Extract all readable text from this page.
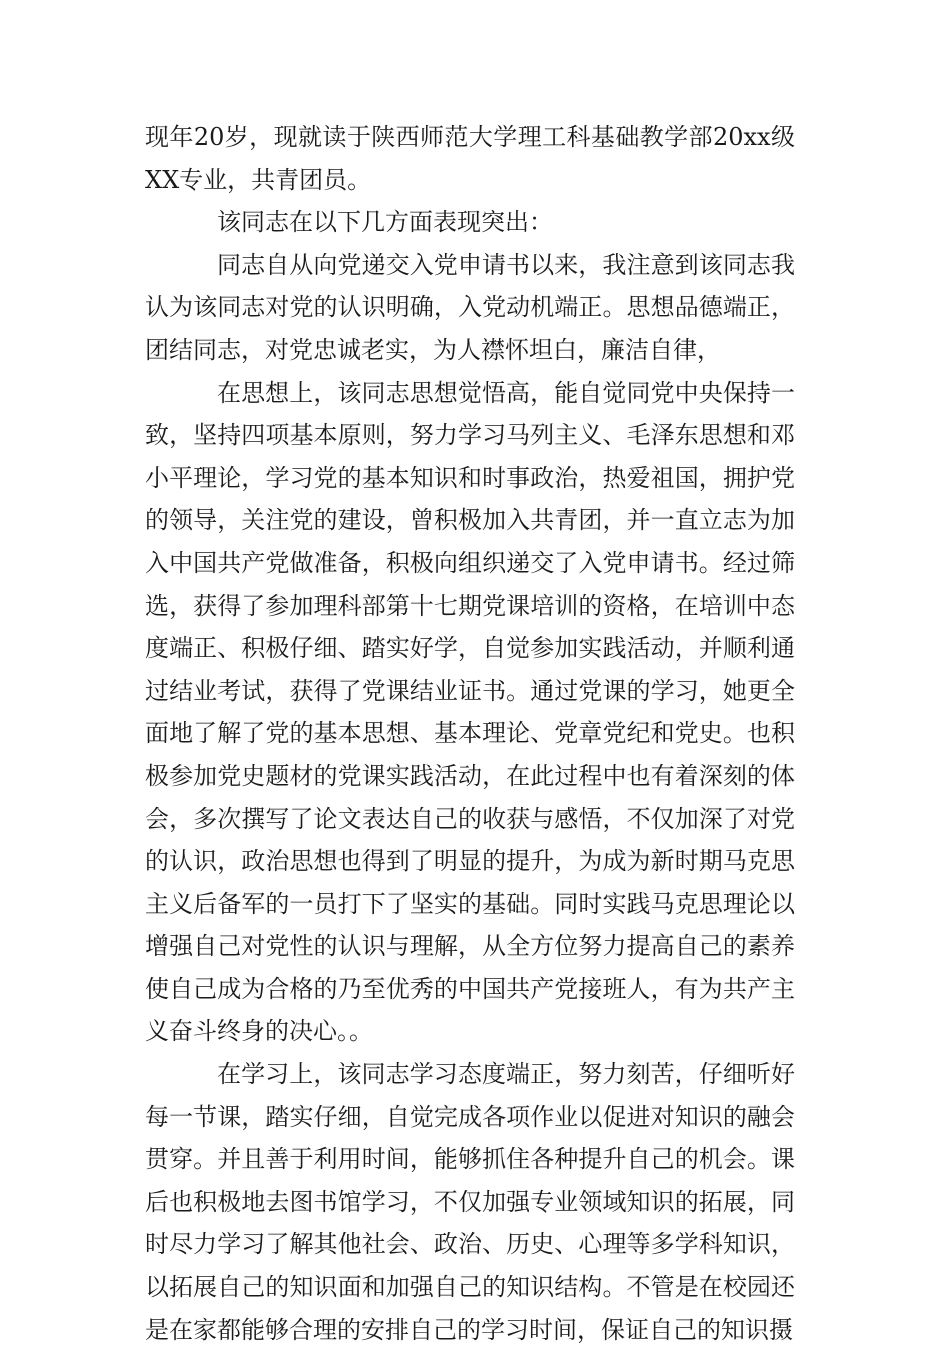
现年20岁，现就读于陕西师范大学理工科基础教学部20xx级XX专业，共青团员。

该同志在以下几方面表现突出：

同志自从向党递交入党申请书以来，我注意到该同志我认为该同志对党的认识明确，入党动机端正。思想品德端正，团结同志，对党忠诚老实，为人襟怀坦白，廉洁自律，

在思想上，该同志思想觉悟高，能自觉同党中央保持一致，坚持四项基本原则，努力学习马列主义、毛泽东思想和邓小平理论，学习党的基本知识和时事政治，热爱祖国，拥护党的领导，关注党的建设，曾积极加入共青团，并一直立志为加入中国共产党做准备，积极向组织递交了入党申请书。经过筛选，获得了参加理科部第十七期党课培训的资格，在培训中态度端正、积极仔细、踏实好学，自觉参加实践活动，并顺利通过结业考试，获得了党课结业证书。通过党课的学习，她更全面地了解了党的基本思想、基本理论、党章党纪和党史。也积极参加党史题材的党课实践活动，在此过程中也有着深刻的体会，多次撰写了论文表达自己的收获与感悟，不仅加深了对党的认识，政治思想也得到了明显的提升，为成为新时期马克思主义后备军的一员打下了坚实的基础。同时实践马克思理论以增强自己对党性的认识与理解，从全方位努力提高自己的素养使自己成为合格的乃至优秀的中国共产党接班人，有为共产主义奋斗终身的决心。。

在学习上，该同志学习态度端正，努力刻苦，仔细听好每一节课，踏实仔细，自觉完成各项作业以促进对知识的融会贯穿。并且善于利用时间，能够抓住各种提升自己的机会。课后也积极地去图书馆学习，不仅加强专业领域知识的拓展，同时尽力学习了解其他社会、政治、历史、心理等多学科知识，以拓展自己的知识面和加强自己的知识结构。不管是在校园还是在家都能够合理的安排自己的学习时间，保证自己的知识摄
